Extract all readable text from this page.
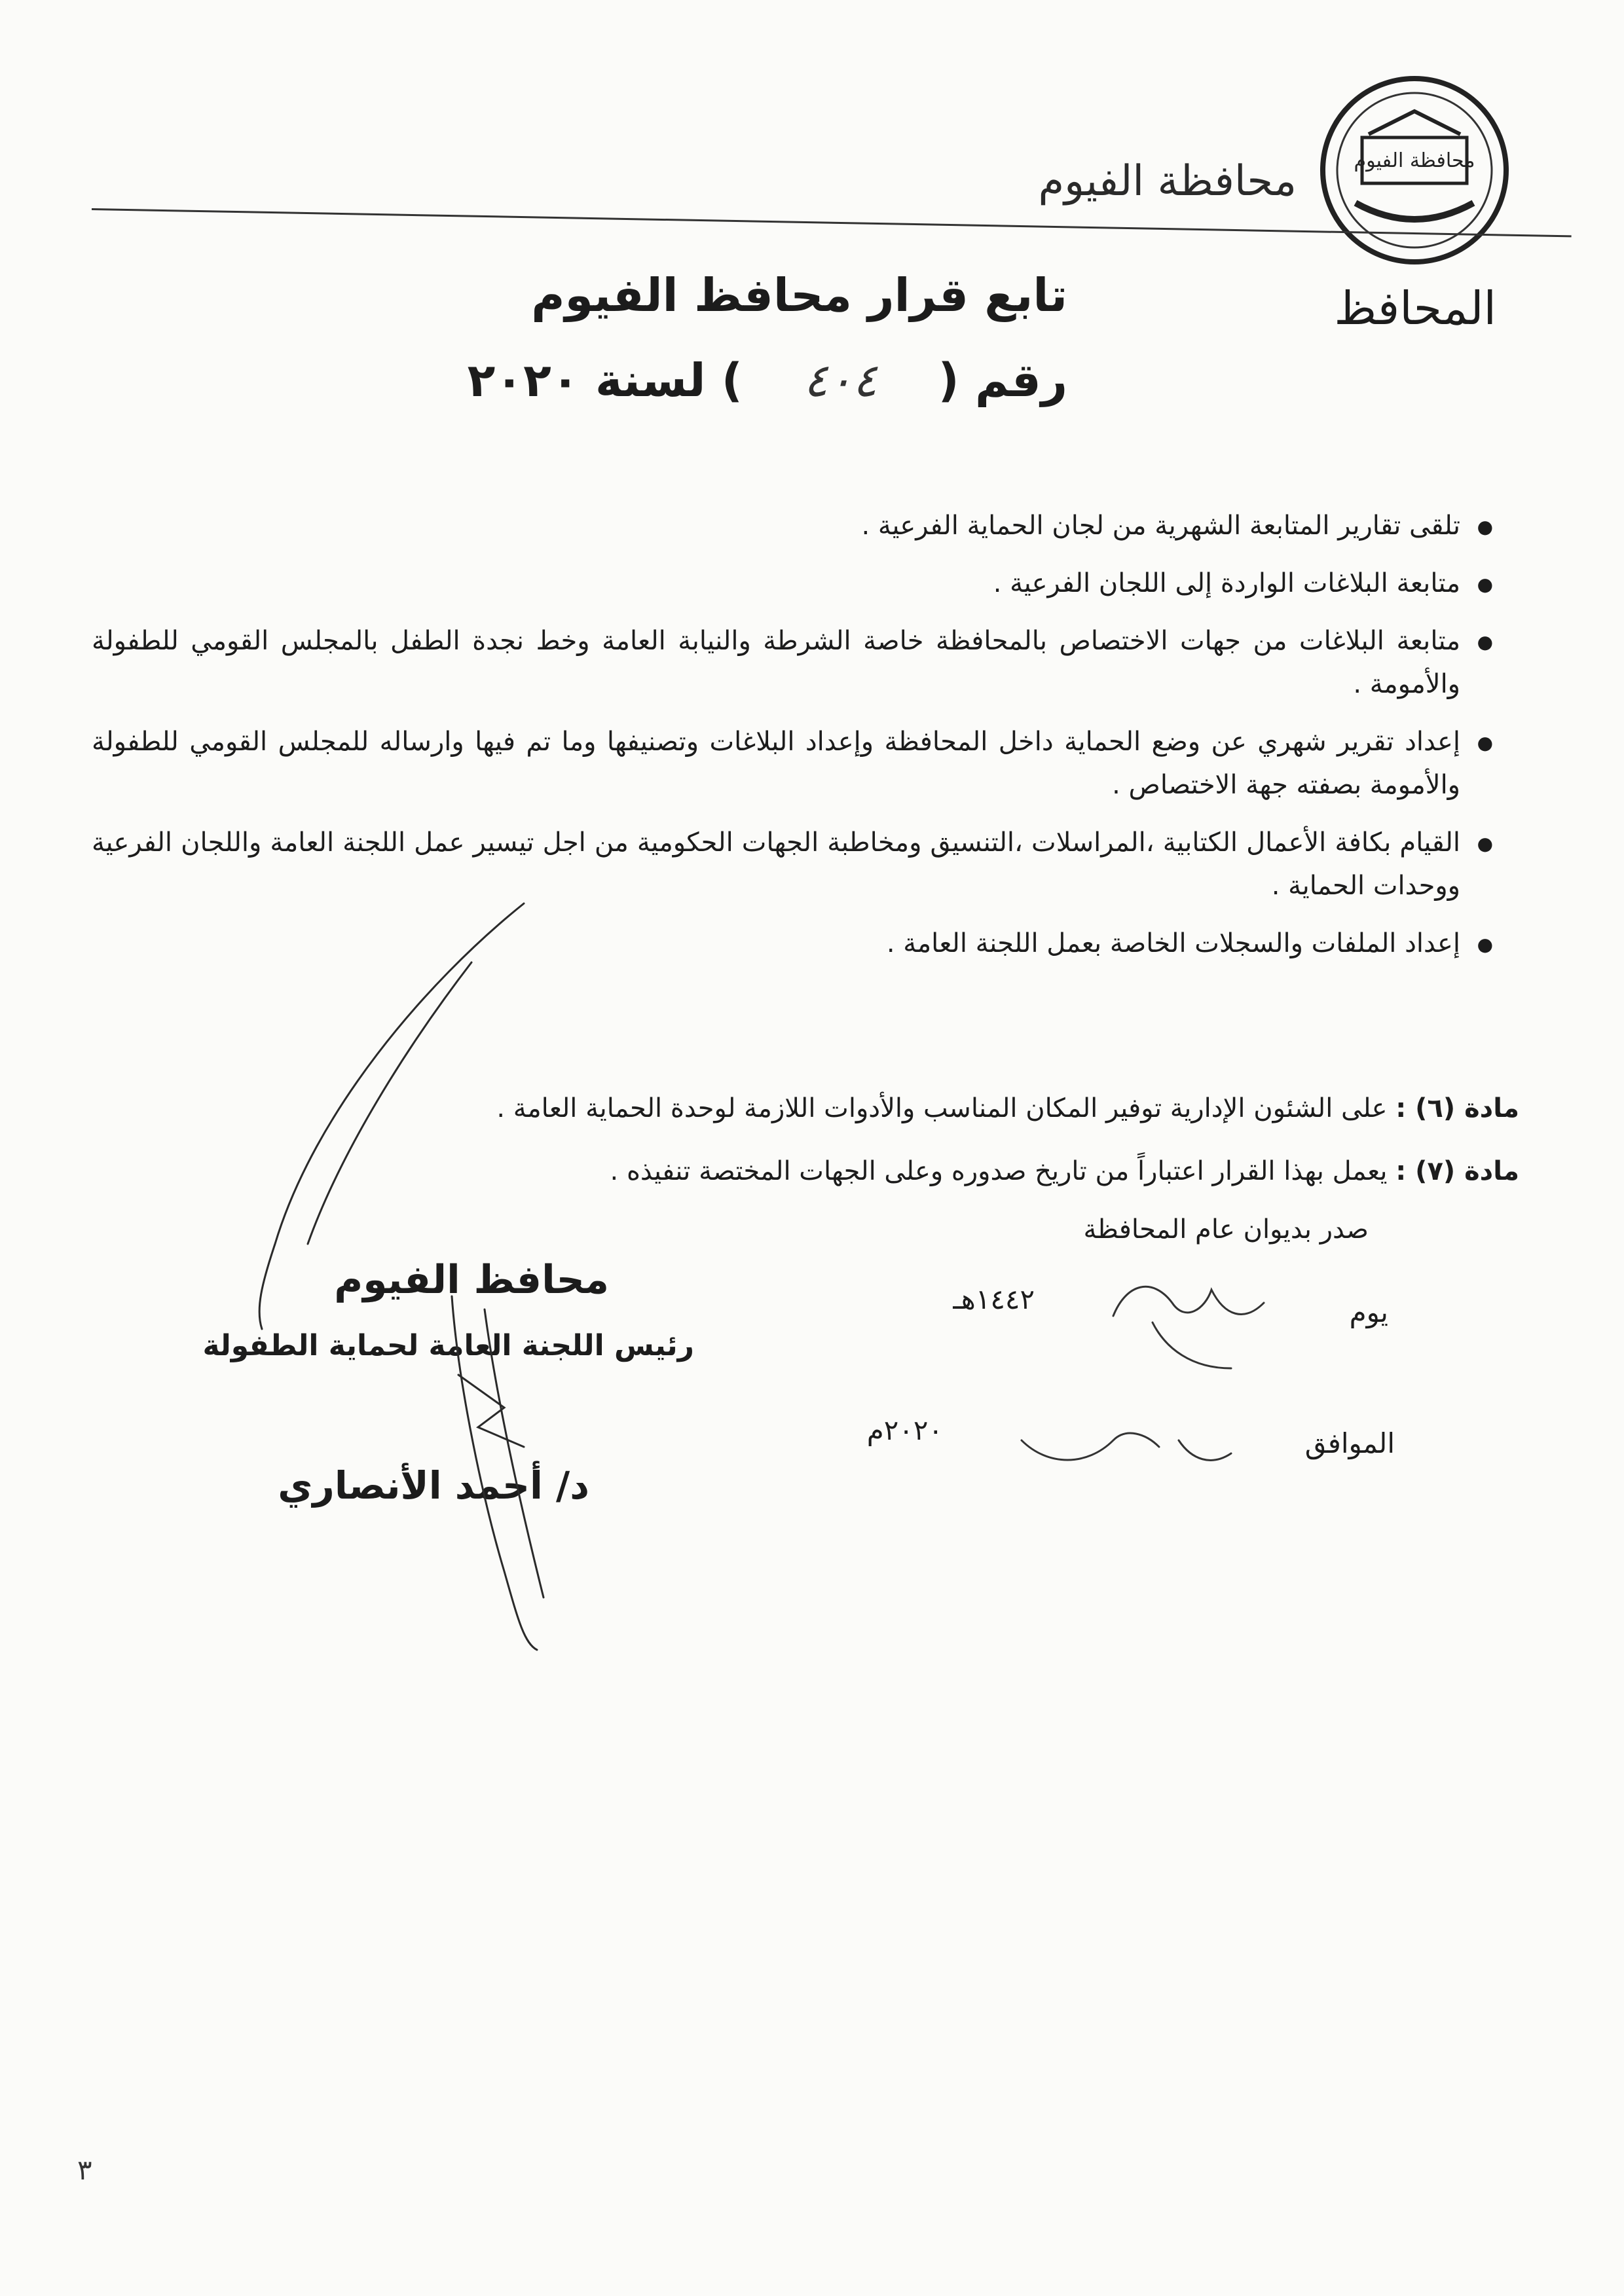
محافظة الفيوم
محافظة الفيوم
تابع قرار محافظ الفيوم	المحافظ
رقم ( ٤٠٤ ) لسنة ٢٠٢٠
● تلقى تقارير المتابعة الشهرية من لجان الحماية الفرعية .
● متابعة البلاغات الواردة إلى اللجان الفرعية .
● متابعة البلاغات من جهات الاختصاص بالمحافظة خاصة الشرطة والنيابة العامة وخط نجدة الطفل بالمجلس القومي للطفولة والأمومة .
● إعداد تقرير شهري عن وضع الحماية داخل المحافظة وإعداد البلاغات وتصنيفها وما تم فيها وارساله للمجلس القومي للطفولة والأمومة بصفته جهة الاختصاص .
● القيام بكافة الأعمال الكتابية ،المراسلات ،التنسيق ومخاطبة الجهات الحكومية من اجل تيسير عمل اللجنة العامة واللجان الفرعية ووحدات الحماية .
● إعداد الملفات والسجلات الخاصة بعمل اللجنة العامة .
مادة (٦) : على الشئون الإدارية توفير المكان المناسب والأدوات اللازمة لوحدة الحماية العامة .
مادة (٧) : يعمل بهذا القرار اعتباراً من تاريخ صدوره وعلى الجهات المختصة تنفيذه .
صدر بديوان عام المحافظة
يوم
١٤٤٢هـ
الموافق
٢٠٢٠م
محافظ الفيوم
رئيس اللجنة العامة لحماية الطفولة
د/ أحمد الأنصاري
٣
